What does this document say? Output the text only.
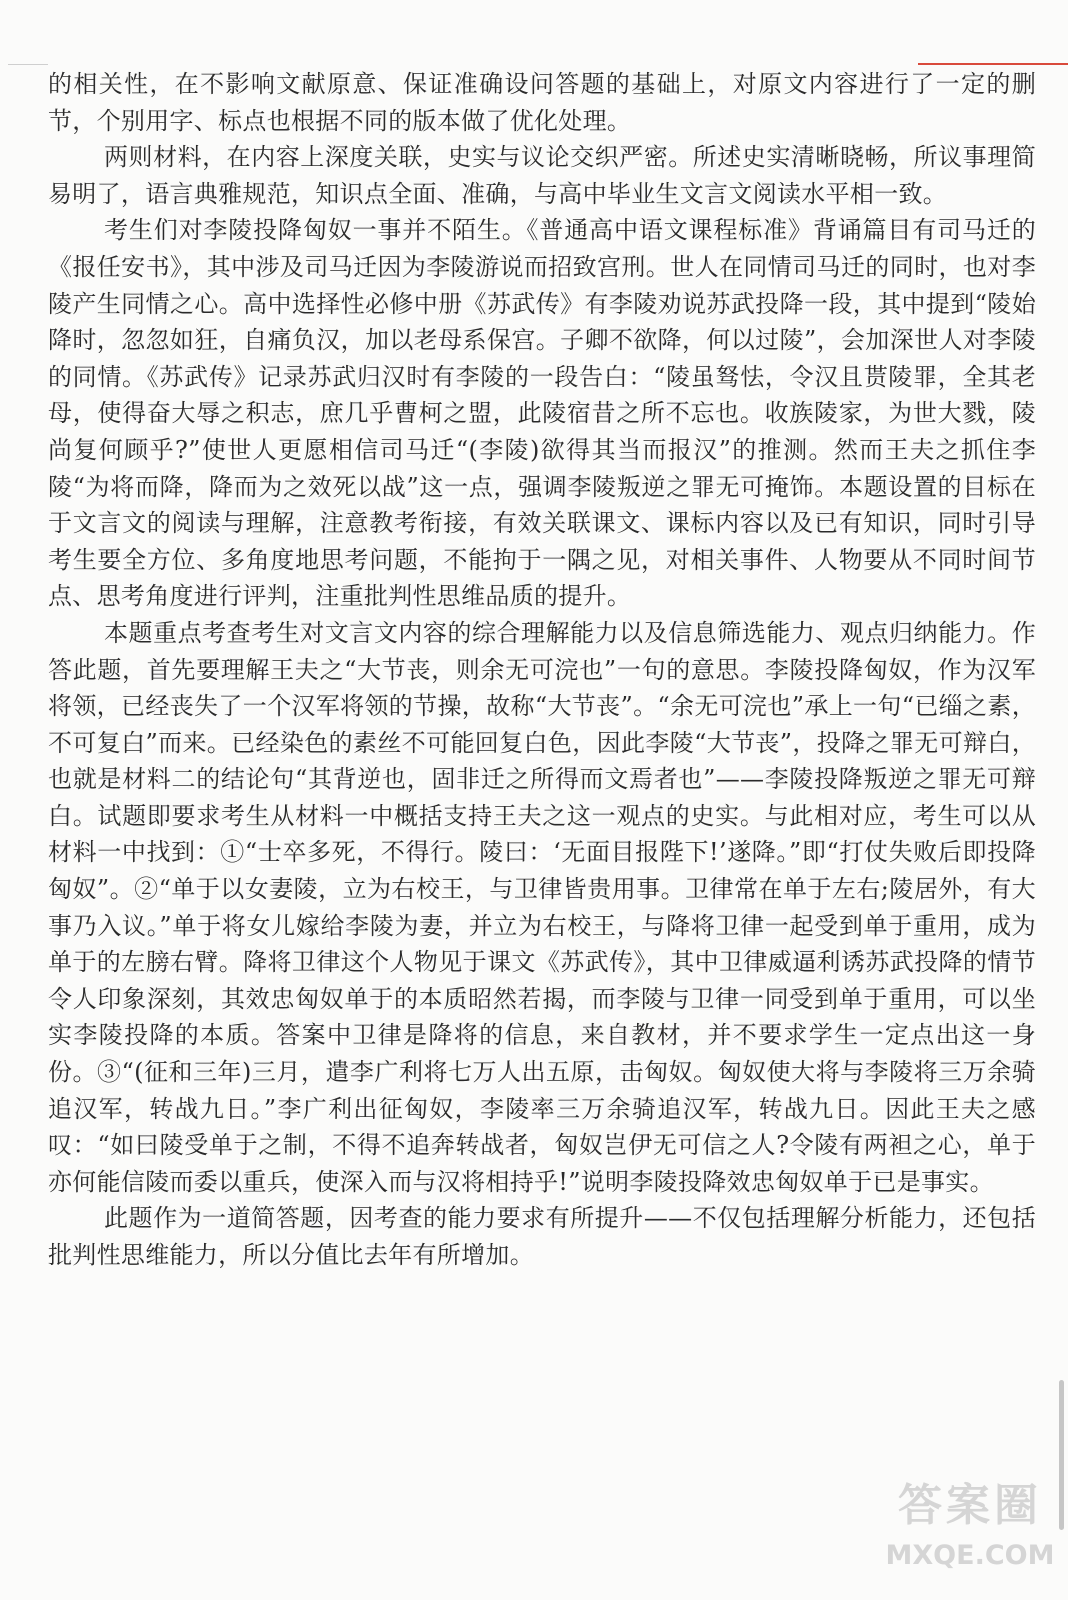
的相关性，在不影响文献原意、保证准确设问答题的基础上，对原文内容进行了一定的删节，个别用字、标点也根据不同的版本做了优化处理。

两则材料，在内容上深度关联，史实与议论交织严密。所述史实清晰晓畅，所议事理简易明了，语言典雅规范，知识点全面、准确，与高中毕业生文言文阅读水平相一致。

考生们对李陵投降匈奴一事并不陌生。《普通高中语文课程标准》背诵篇目有司马迁的《报任安书》，其中涉及司马迁因为李陵游说而招致宫刑。世人在同情司马迁的同时，也对李陵产生同情之心。高中选择性必修中册《苏武传》有李陵劝说苏武投降一段，其中提到“陵始降时，忽忽如狂，自痛负汉，加以老母系保宫。子卿不欲降，何以过陵”，会加深世人对李陵的同情。《苏武传》记录苏武归汉时有李陵的一段告白：“陵虽驽怯，令汉且贳陵罪，全其老母，使得奋大辱之积志，庶几乎曹柯之盟，此陵宿昔之所不忘也。收族陵家，为世大戮，陵尚复何顾乎?”使世人更愿相信司马迁“(李陵)欲得其当而报汉”的推测。然而王夫之抓住李陵“为将而降，降而为之效死以战”这一点，强调李陵叛逆之罪无可掩饰。本题设置的目标在于文言文的阅读与理解，注意教考衔接，有效关联课文、课标内容以及已有知识，同时引导考生要全方位、多角度地思考问题，不能拘于一隅之见，对相关事件、人物要从不同时间节点、思考角度进行评判，注重批判性思维品质的提升。

本题重点考查考生对文言文内容的综合理解能力以及信息筛选能力、观点归纳能力。作答此题，首先要理解王夫之“大节丧，则余无可浣也”一句的意思。李陵投降匈奴，作为汉军将领，已经丧失了一个汉军将领的节操，故称“大节丧”。“余无可浣也”承上一句“已缁之素，不可复白”而来。已经染色的素丝不可能回复白色，因此李陵“大节丧”，投降之罪无可辩白，也就是材料二的结论句“其背逆也，固非迁之所得而文焉者也”——李陵投降叛逆之罪无可辩白。试题即要求考生从材料一中概括支持王夫之这一观点的史实。与此相对应，考生可以从材料一中找到：①“士卒多死，不得行。陵曰：‘无面目报陛下!’遂降。”即“打仗失败后即投降匈奴”。②“单于以女妻陵，立为右校王，与卫律皆贵用事。卫律常在单于左右;陵居外，有大事乃入议。”单于将女儿嫁给李陵为妻，并立为右校王，与降将卫律一起受到单于重用，成为单于的左膀右臂。降将卫律这个人物见于课文《苏武传》，其中卫律威逼利诱苏武投降的情节令人印象深刻，其效忠匈奴单于的本质昭然若揭，而李陵与卫律一同受到单于重用，可以坐实李陵投降的本质。答案中卫律是降将的信息，来自教材，并不要求学生一定点出这一身份。③“(征和三年)三月，遣李广利将七万人出五原，击匈奴。匈奴使大将与李陵将三万余骑追汉军，转战九日。”李广利出征匈奴，李陵率三万余骑追汉军，转战九日。因此王夫之感叹：“如曰陵受单于之制，不得不追奔转战者，匈奴岂伊无可信之人?令陵有两袒之心，单于亦何能信陵而委以重兵，使深入而与汉将相持乎!”说明李陵投降效忠匈奴单于已是事实。

此题作为一道简答题，因考查的能力要求有所提升——不仅包括理解分析能力，还包括批判性思维能力，所以分值比去年有所增加。

答案圈
MXQE.COM
